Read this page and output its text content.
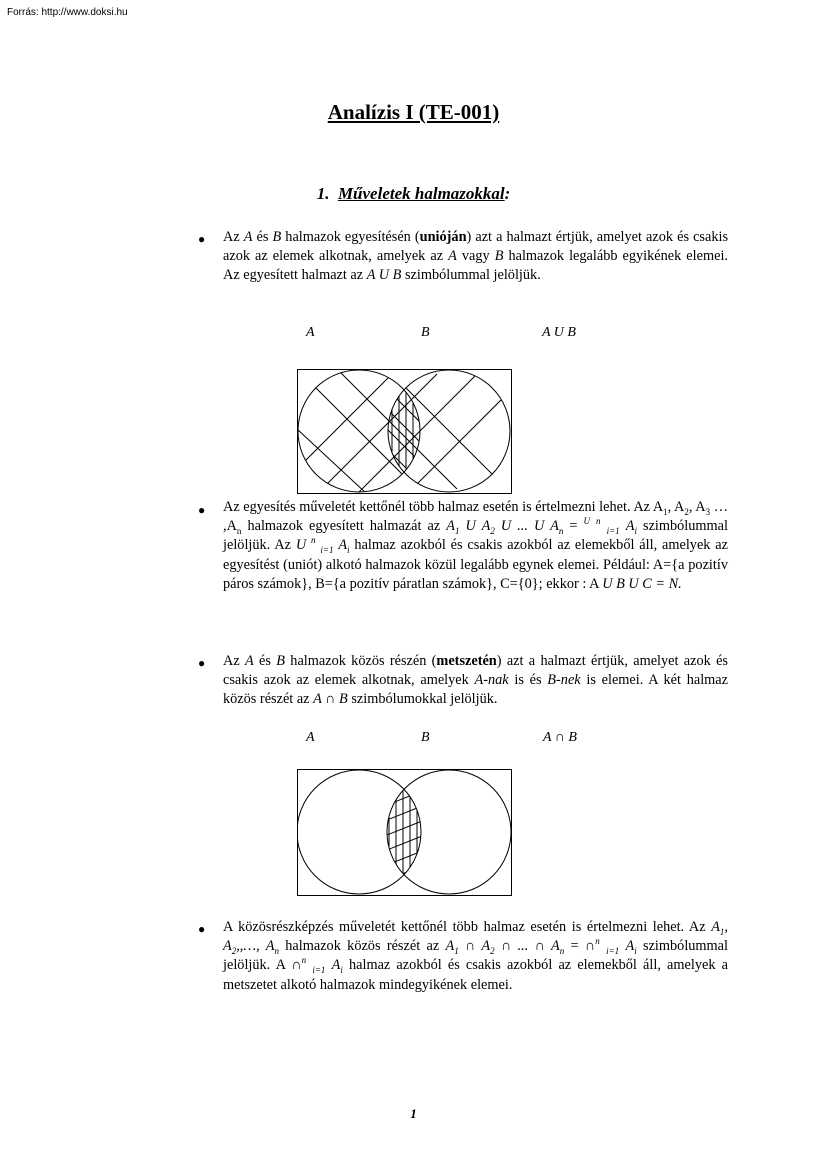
Forrás: http://www.doksi.hu
Analízis I (TE-001)
1. Műveletek halmazokkal:
● Az A és B halmazok egyesítésén (unióján) azt a halmazt értjük, amelyet azok és csakis azok az elemek alkotnak, amelyek az A vagy B halmazok legalább egyikének elemei. Az egyesített halmazt az A U B szimbólummal jelöljük.
A	B	A U B
● Az egyesítés műveletét kettőnél több halmaz esetén is értelmezni lehet. Az $A_1$, $A_2$, $A_3$ … $,A_n$ halmazok egyesített halmazát az $A_1$ U $A_2$ U ... U $A_n = ^U$ $^n$ $_{i=1}$ $A_i$ szimbólummal jelöljük. Az U $^n$ $_{i=1}$ $A_i$ halmaz azokból és csakis azokból az elemekből áll, amelyek az egyesítést (uniót) alkotó halmazok közül legalább egynek elemei. Például: A={a pozitív páros számok}, B={a pozitív páratlan számok}, C={0}; ekkor : A U B U C = N.
● Az A és B halmazok közös részén (metszetén) azt a halmazt értjük, amelyet azok és csakis azok az elemek alkotnak, amelyek A-nak is és B-nek is elemei. A két halmaz közös részét az A ∩ B szimbólumokkal jelöljük.
A	B	A ∩ B
● A közösrészképzés műveletét kettőnél több halmaz esetén is értelmezni lehet. Az $A_1$, $A_2,,\dots$, $A_n$ halmazok közös részét az $A_1$ ∩ $A_2$ ∩ ... ∩ $A_n$ = ∩$^n$ $_{i=1}$ $A_i$ szimbólummal jelöljük. A ∩$^n$ $_{i=1}$ $A_i$ halmaz azokból és csakis azokból az elemekből áll, amelyek a metszetet alkotó halmazok mindegyikének elemei.
1
